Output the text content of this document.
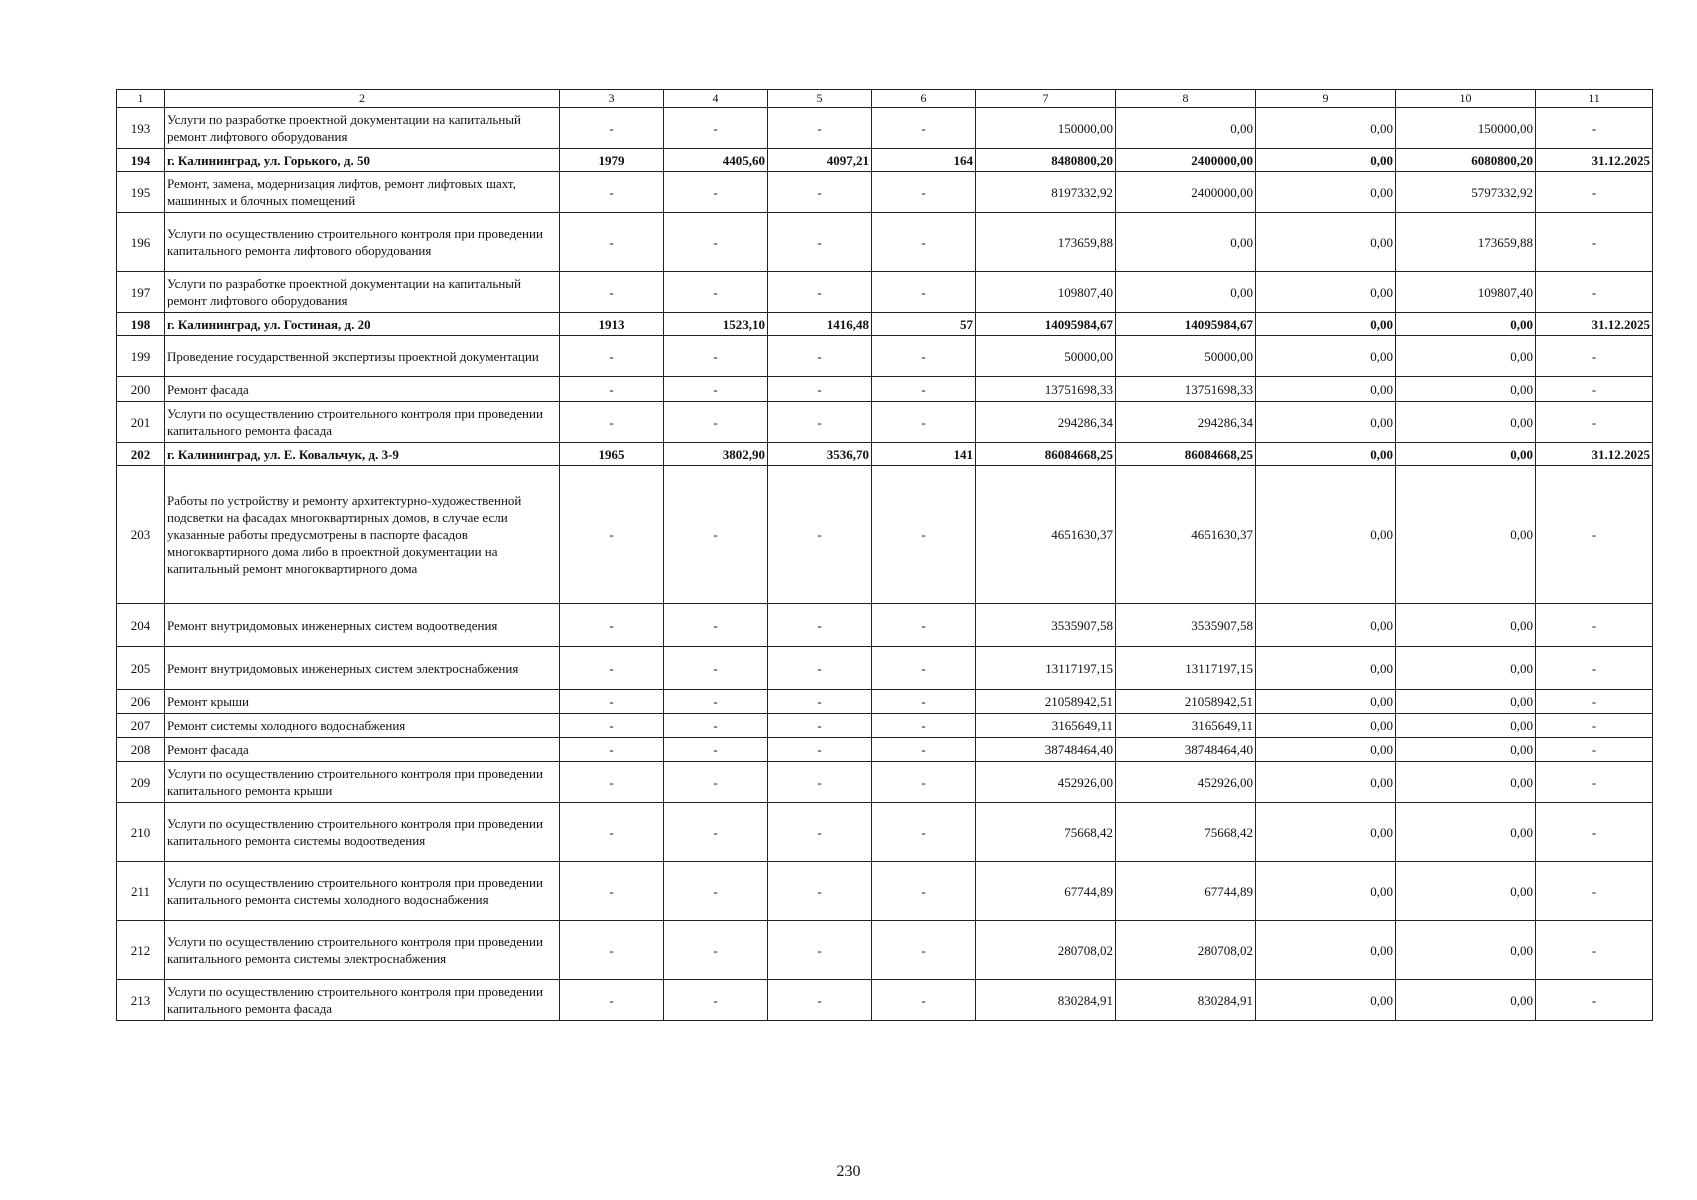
1	2	3	4	5	6	7	8	9	10	11
193	Услуги по разработке проектной документации на капитальный ремонт лифтового оборудования	-	-	-	-	150000,00	0,00	0,00	150000,00	-
194	г. Калининград, ул. Горького, д. 50	1979	4405,60	4097,21	164	8480800,20	2400000,00	0,00	6080800,20	31.12.2025
195	Ремонт, замена, модернизация лифтов, ремонт лифтовых шахт, машинных и блочных помещений	-	-	-	-	8197332,92	2400000,00	0,00	5797332,92	-
196	Услуги по осуществлению строительного контроля при проведении капитального ремонта лифтового оборудования	-	-	-	-	173659,88	0,00	0,00	173659,88	-
197	Услуги по разработке проектной документации на капитальный ремонт лифтового оборудования	-	-	-	-	109807,40	0,00	0,00	109807,40	-
198	г. Калининград, ул. Гостиная, д. 20	1913	1523,10	1416,48	57	14095984,67	14095984,67	0,00	0,00	31.12.2025
199	Проведение государственной экспертизы проектной документации	-	-	-	-	50000,00	50000,00	0,00	0,00	-
200	Ремонт фасада	-	-	-	-	13751698,33	13751698,33	0,00	0,00	-
201	Услуги по осуществлению строительного контроля при проведении капитального ремонта фасада	-	-	-	-	294286,34	294286,34	0,00	0,00	-
202	г. Калининград, ул. Е. Ковальчук, д. 3-9	1965	3802,90	3536,70	141	86084668,25	86084668,25	0,00	0,00	31.12.2025
203	Работы по устройству и ремонту архитектурно-художественной подсветки на фасадах многоквартирных домов, в случае если указанные работы предусмотрены в паспорте фасадов многоквартирного дома либо в проектной документации на капитальный ремонт многоквартирного дома	-	-	-	-	4651630,37	4651630,37	0,00	0,00	-
204	Ремонт внутридомовых инженерных систем водоотведения	-	-	-	-	3535907,58	3535907,58	0,00	0,00	-
205	Ремонт внутридомовых инженерных систем электроснабжения	-	-	-	-	13117197,15	13117197,15	0,00	0,00	-
206	Ремонт крыши	-	-	-	-	21058942,51	21058942,51	0,00	0,00	-
207	Ремонт системы холодного водоснабжения	-	-	-	-	3165649,11	3165649,11	0,00	0,00	-
208	Ремонт фасада	-	-	-	-	38748464,40	38748464,40	0,00	0,00	-
209	Услуги по осуществлению строительного контроля при проведении капитального ремонта крыши	-	-	-	-	452926,00	452926,00	0,00	0,00	-
210	Услуги по осуществлению строительного контроля при проведении капитального ремонта системы водоотведения	-	-	-	-	75668,42	75668,42	0,00	0,00	-
211	Услуги по осуществлению строительного контроля при проведении капитального ремонта системы холодного водоснабжения	-	-	-	-	67744,89	67744,89	0,00	0,00	-
212	Услуги по осуществлению строительного контроля при проведении капитального ремонта системы электроснабжения	-	-	-	-	280708,02	280708,02	0,00	0,00	-
213	Услуги по осуществлению строительного контроля при проведении капитального ремонта фасада	-	-	-	-	830284,91	830284,91	0,00	0,00	-
230
